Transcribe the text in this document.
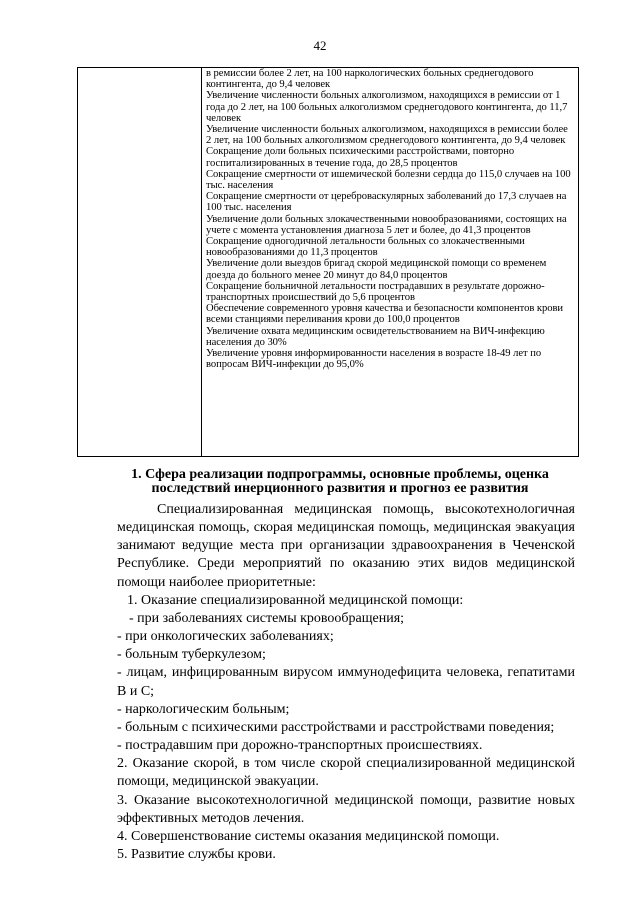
42
в ремиссии более 2 лет, на 100 наркологических больных среднегодового контингента, до 9,4 человек
Увеличение численности больных алкоголизмом, находящихся в ремиссии от 1 года до 2 лет, на 100 больных алкоголизмом среднегодового контингента, до 11,7 человек
Увеличение численности больных алкоголизмом, находящихся в ремиссии более 2 лет, на 100 больных алкоголизмом среднегодового контингента, до 9,4 человек
Сокращение доли больных психическими расстройствами, повторно госпитализированных в течение года, до 28,5 процентов
Сокращение смертности от ишемической болезни сердца до 115,0 случаев на 100 тыс. населения
Сокращение смертности от цереброваскулярных заболеваний до 17,3 случаев на 100 тыс. населения
Увеличение доли больных злокачественными новообразованиями, состоящих на учете с момента установления диагноза 5 лет и более, до 41,3 процентов
Сокращение одногодичной летальности больных со злокачественными новообразованиями до 11,3 процентов
Увеличение доли выездов бригад скорой медицинской помощи со временем доезда до больного менее 20 минут до 84,0 процентов
Сокращение больничной летальности пострадавших в результате дорожно-транспортных происшествий до 5,6 процентов
Обеспечение современного уровня качества и безопасности компонентов крови всеми станциями переливания крови до 100,0 процентов
Увеличение охвата медицинским освидетельствованием на ВИЧ-инфекцию населения до 30%
Увеличение уровня информированности населения в возрасте 18-49 лет по вопросам ВИЧ-инфекции до 95,0%
1. Сфера реализации подпрограммы, основные проблемы, оценка последствий инерционного развития и прогноз ее развития

Специализированная медицинская помощь, высокотехнологичная медицинская помощь, скорая медицинская помощь, медицинская эвакуация занимают ведущие места при организации здравоохранения в Чеченской Республике. Среди мероприятий по оказанию этих видов медицинской помощи наиболее приоритетные:

1. Оказание специализированной медицинской помощи:

- при заболеваниях системы кровообращения;

- при онкологических заболеваниях;

- больным туберкулезом;

- лицам, инфицированным вирусом иммунодефицита человека, гепатитами B и C;

- наркологическим больным;

- больным с психическими расстройствами и расстройствами поведения;

- пострадавшим при дорожно-транспортных происшествиях.

2. Оказание скорой, в том числе скорой специализированной медицинской помощи, медицинской эвакуации.

3. Оказание высокотехнологичной медицинской помощи, развитие новых эффективных методов лечения.

4. Совершенствование системы оказания медицинской помощи.

5. Развитие службы крови.
